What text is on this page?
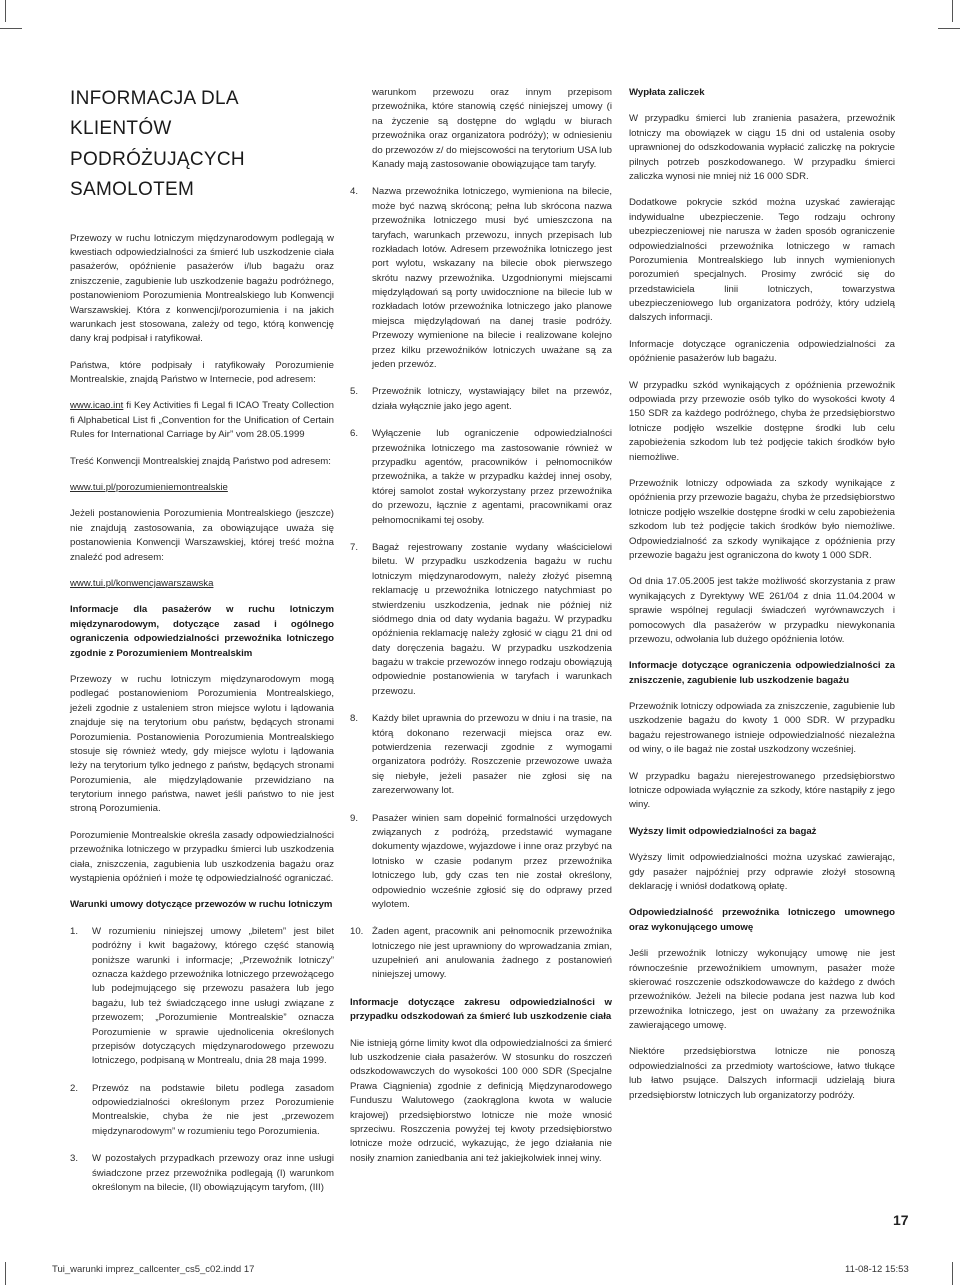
INFORMACJA DLA KLIENTÓW PODRÓŻUJĄCYCH SAMOLOTEM

Przewozy w ruchu lotniczym międzynarodowym podlegają w kwestiach odpowiedzialności za śmierć lub uszkodzenie ciała pasażerów, opóźnienie pasażerów i/lub bagażu oraz zniszczenie, zagubienie lub uszkodzenie bagażu podróżnego, postanowieniom Porozumienia Montrealskiego lub Konwencji Warszawskiej. Która z konwencji/porozumienia i na jakich warunkach jest stosowana, zależy od tego, którą konwencję dany kraj podpisał i ratyfikował.

Państwa, które podpisały i ratyfikowały Porozumienie Montrealskie, znajdą Państwo w Internecie, pod adresem:

www.icao.int fi Key Activities fi Legal fi ICAO Treaty Collection fi Alphabetical List fi „Convention for the Unification of Certain Rules for International Carriage by Air” vom 28.05.1999

Treść Konwencji Montrealskiej znajdą Państwo pod adresem:

www.tui.pl/porozumieniemontrealskie

Jeżeli postanowienia Porozumienia Montrealskiego (jeszcze) nie znajdują zastosowania, za obowiązujące uważa się postanowienia Konwencji Warszawskiej, której treść można znaleźć pod adresem:

www.tui.pl/konwencjawarszawska

Informacje dla pasażerów w ruchu lotniczym międzynarodowym, dotyczące zasad i ogólnego ograniczenia odpowiedzialności przewoźnika lotniczego zgodnie z Porozumieniem Montrealskim

Przewozy w ruchu lotniczym międzynarodowym mogą podlegać postanowieniom Porozumienia Montrealskiego, jeżeli zgodnie z ustaleniem stron miejsce wylotu i lądowania znajduje się na terytorium obu państw, będących stronami Porozumienia. Postanowienia Porozumienia Montrealskiego stosuje się również wtedy, gdy miejsce wylotu i lądowania leży na terytorium tylko jednego z państw, będących stronami Porozumienia, ale międzylądowanie przewidziano na terytorium innego państwa, nawet jeśli państwo to nie jest stroną Porozumienia.

Porozumienie Montrealskie określa zasady odpowiedzialności przewoźnika lotniczego w przypadku śmierci lub uszkodzenia ciała, zniszczenia, zagubienia lub uszkodzenia bagażu oraz wystąpienia opóźnień i może tę odpowiedzialność ograniczać.

Warunki umowy dotyczące przewozów w ruchu lotniczym

1. W rozumieniu niniejszej umowy „biletem” jest bilet podróżny i kwit bagażowy, którego część stanowią poniższe warunki i informacje; „Przewoźnik lotniczy” oznacza każdego przewoźnika lotniczego przewożącego lub podejmującego się przewozu pasażera lub jego bagażu, lub też świadczącego inne usługi związane z przewozem; „Porozumienie Montrealskie” oznacza Porozumienie w sprawie ujednolicenia określonych przepisów dotyczących międzynarodowego przewozu lotniczego, podpisaną w Montrealu, dnia 28 maja 1999.
2. Przewóz na podstawie biletu podlega zasadom odpowiedzialności określonym przez Porozumienie Montrealskie, chyba że nie jest „przewozem międzynarodowym” w rozumieniu tego Porozumienia.
3. W pozostałych przypadkach przewozy oraz inne usługi świadczone przez przewoźnika podlegają (I) warunkom określonym na bilecie, (II) obowiązującym taryfom, (III)
warunkom przewozu oraz innym przepisom przewoźnika, które stanowią część niniejszej umowy (i na życzenie są dostępne do wglądu w biurach przewoźnika oraz organizatora podróży); w odniesieniu do przewozów z/ do miejscowości na terytorium USA lub Kanady mają zastosowanie obowiązujące tam taryfy.
4. Nazwa przewoźnika lotniczego, wymieniona na bilecie, może być nazwą skróconą; pełna lub skrócona nazwa przewoźnika lotniczego musi być umieszczona na taryfach, warunkach przewozu, innych przepisach lub rozkładach lotów. Adresem przewoźnika lotniczego jest port wylotu, wskazany na bilecie obok pierwszego skrótu nazwy przewoźnika. Uzgodnionymi miejscami międzylądowań są porty uwidocznione na bilecie lub w rozkładach lotów przewoźnika lotniczego jako planowe miejsca międzylądowań na danej trasie podróży. Przewozy wymienione na bilecie i realizowane kolejno przez kilku przewoźników lotniczych uważane są za jeden przewóz.
5. Przewoźnik lotniczy, wystawiający bilet na przewóz, działa wyłącznie jako jego agent.
6. Wyłączenie lub ograniczenie odpowiedzialności przewoźnika lotniczego ma zastosowanie również w przypadku agentów, pracowników i pełnomocników przewoźnika, a także w przypadku każdej innej osoby, której samolot został wykorzystany przez przewoźnika do przewozu, łącznie z agentami, pracownikami oraz pełnomocnikami tej osoby.
7. Bagaż rejestrowany zostanie wydany właścicielowi biletu. W przypadku uszkodzenia bagażu w ruchu lotniczym międzynarodowym, należy złożyć pisemną reklamację u przewoźnika lotniczego natychmiast po stwierdzeniu uszkodzenia, jednak nie później niż siódmego dnia od daty wydania bagażu. W przypadku opóźnienia reklamację należy zgłosić w ciągu 21 dni od daty doręczenia bagażu. W przypadku uszkodzenia bagażu w trakcie przewozów innego rodzaju obowiązują odpowiednie postanowienia w taryfach i warunkach przewozu.
8. Każdy bilet uprawnia do przewozu w dniu i na trasie, na którą dokonano rezerwacji miejsca oraz ew. potwierdzenia rezerwacji zgodnie z wymogami organizatora podróży. Roszczenie przewozowe uważa się niebyłe, jeżeli pasażer nie zgłosi się na zarezerwowany lot.
9. Pasażer winien sam dopełnić formalności urzędowych związanych z podróżą, przedstawić wymagane dokumenty wjazdowe, wyjazdowe i inne oraz przybyć na lotnisko w czasie podanym przez przewoźnika lotniczego lub, gdy czas ten nie został określony, odpowiednio wcześnie zgłosić się do odprawy przed wylotem.
10. Żaden agent, pracownik ani pełnomocnik przewoźnika lotniczego nie jest uprawniony do wprowadzania zmian, uzupełnień ani anulowania żadnego z postanowień niniejszej umowy.

Informacje dotyczące zakresu odpowiedzialności w przypadku odszkodowań za śmierć lub uszkodzenie ciała

Nie istnieją górne limity kwot dla odpowiedzialności za śmierć lub uszkodzenie ciała pasażerów. W stosunku do roszczeń odszkodowawczych do wysokości 100 000 SDR (Specjalne Prawa Ciągnienia) zgodnie z definicją Międzynarodowego Funduszu Walutowego (zaokrąglona kwota w walucie krajowej) przedsiębiorstwo lotnicze nie może wnosić sprzeciwu. Roszczenia powyżej tej kwoty przedsiębiorstwo lotnicze może odrzucić, wykazując, że jego działania nie nosiły znamion zaniedbania ani też jakiejkolwiek innej winy.

Wypłata zaliczek

W przypadku śmierci lub zranienia pasażera, przewoźnik lotniczy ma obowiązek w ciągu 15 dni od ustalenia osoby uprawnionej do odszkodowania wypłacić zaliczkę na pokrycie pilnych potrzeb poszkodowanego. W przypadku śmierci zaliczka wynosi nie mniej niż 16 000 SDR.

Dodatkowe pokrycie szkód można uzyskać zawierając indywidualne ubezpieczenie. Tego rodzaju ochrony ubezpieczeniowej nie narusza w żaden sposób ograniczenie odpowiedzialności przewoźnika lotniczego w ramach Porozumienia Montrealskiego lub innych wymienionych porozumień specjalnych. Prosimy zwrócić się do przedstawiciela linii lotniczych, towarzystwa ubezpieczeniowego lub organizatora podróży, który udzielą dalszych informacji.

Informacje dotyczące ograniczenia odpowiedzialności za opóźnienie pasażerów lub bagażu.

W przypadku szkód wynikających z opóźnienia przewoźnik odpowiada przy przewozie osób tylko do wysokości kwoty 4 150 SDR za każdego podróżnego, chyba że przedsiębiorstwo lotnicze podjęło wszelkie dostępne środki lub celu zapobieżenia szkodom lub też podjęcie takich środków było niemożliwe.

Przewoźnik lotniczy odpowiada za szkody wynikające z opóźnienia przy przewozie bagażu, chyba że przedsiębiorstwo lotnicze podjęło wszelkie dostępne środki w celu zapobieżenia szkodom lub też podjęcie takich środków było niemożliwe. Odpowiedzialność za szkody wynikające z opóźnienia przy przewozie bagażu jest ograniczona do kwoty 1 000 SDR.

Od dnia 17.05.2005 jest także możliwość skorzystania z praw wynikających z Dyrektywy WE 261/04 z dnia 11.04.2004 w sprawie wspólnej regulacji świadczeń wyrównawczych i pomocowych dla pasażerów w przypadku niewykonania przewozu, odwołania lub dużego opóźnienia lotów.

Informacje dotyczące ograniczenia odpowiedzialności za zniszczenie, zagubienie lub uszkodzenie bagażu

Przewoźnik lotniczy odpowiada za zniszczenie, zagubienie lub uszkodzenie bagażu do kwoty 1 000 SDR. W przypadku bagażu rejestrowanego istnieje odpowiedzialność niezależna od winy, o ile bagaż nie został uszkodzony wcześniej.

W przypadku bagażu nierejestrowanego przedsiębiorstwo lotnicze odpowiada wyłącznie za szkody, które nastąpiły z jego winy.

Wyższy limit odpowiedzialności za bagaż

Wyższy limit odpowiedzialności można uzyskać zawierając, gdy pasażer najpóźniej przy odprawie złożył stosowną deklarację i wniósł dodatkową opłatę.

Odpowiedzialność przewoźnika lotniczego umownego oraz wykonującego umowę

Jeśli przewoźnik lotniczy wykonujący umowę nie jest równocześnie przewoźnikiem umownym, pasażer może skierować roszczenie odszkodowawcze do każdego z dwóch przewoźników. Jeżeli na bilecie podana jest nazwa lub kod przewoźnika lotniczego, jest on uważany za przewoźnika zawierającego umowę.

Niektóre przedsiębiorstwa lotnicze nie ponoszą odpowiedzialności za przedmioty wartościowe, łatwo tłukące lub łatwo psujące. Dalszych informacji udzielają biura przedsiębiorstw lotniczych lub organizatorzy podróży.

17
Tui_warunki imprez_callcenter_cs5_c02.indd 17	11-08-12 15:53
